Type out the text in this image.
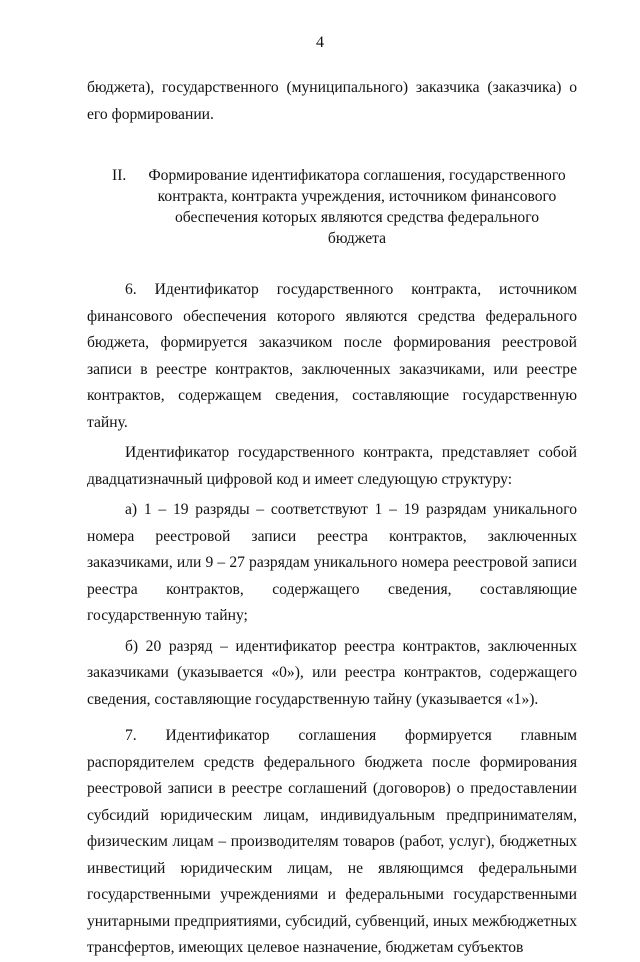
4

бюджета), государственного (муниципального) заказчика (заказчика) о его формировании.

II.	Формирование идентификатора соглашения, государственного контракта, контракта учреждения, источником финансового обеспечения которых являются средства федерального бюджета

6. Идентификатор государственного контракта, источником финансового обеспечения которого являются средства федерального бюджета, формируется заказчиком после формирования реестровой записи в реестре контрактов, заключенных заказчиками, или реестре контрактов, содержащем сведения, составляющие государственную тайну.

Идентификатор государственного контракта, представляет собой двадцатизначный цифровой код и имеет следующую структуру:

а) 1 – 19 разряды – соответствуют 1 – 19 разрядам уникального номера реестровой записи реестра контрактов, заключенных заказчиками, или 9 – 27 разрядам уникального номера реестровой записи реестра контрактов, содержащего сведения, составляющие государственную тайну;

б) 20 разряд – идентификатор реестра контрактов, заключенных заказчиками (указывается «0»), или реестра контрактов, содержащего сведения, составляющие государственную тайну (указывается «1»).

7. Идентификатор соглашения формируется главным распорядителем средств федерального бюджета после формирования реестровой записи в реестре соглашений (договоров) о предоставлении субсидий юридическим лицам, индивидуальным предпринимателям, физическим лицам – производителям товаров (работ, услуг), бюджетных инвестиций юридическим лицам, не являющимся федеральными государственными учреждениями и федеральными государственными унитарными предприятиями, субсидий, субвенций, иных межбюджетных трансфертов, имеющих целевое назначение, бюджетам субъектов
